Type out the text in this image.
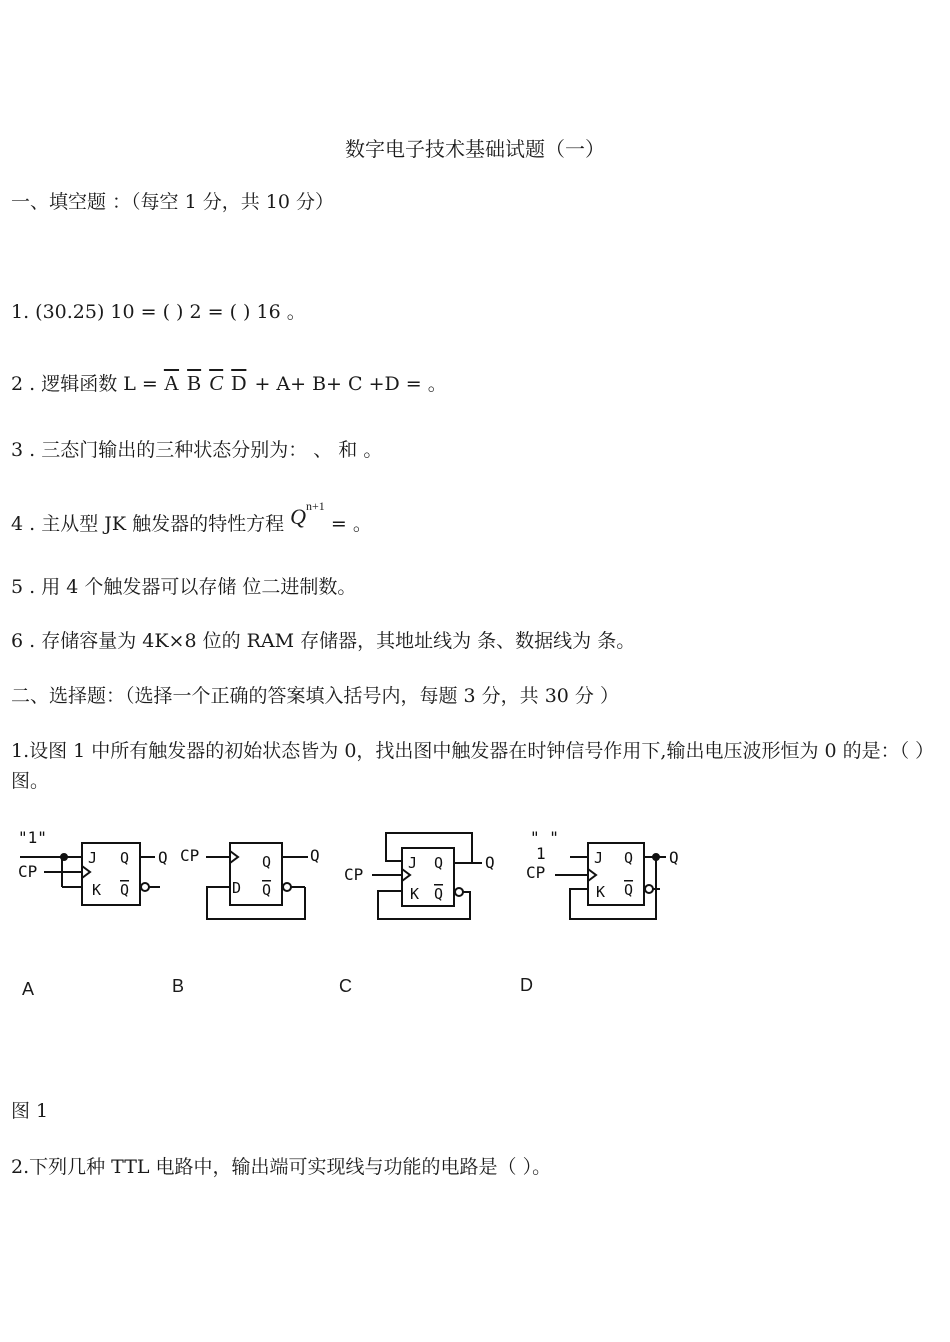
数字电子技术基础试题（一）
一、填空题 ：（每空 1 分，共 10 分）
1. (30.25) 10 = ( ) 2 = ( ) 16 。
2 . 逻辑函数 $L = \overline{A}$ $\overline{B}$ $\overline{C}$ $\overline{D} + A+ B+ C +D$ = 。
3 . 三态门输出的三种状态分别为： 、 和 。
4 . 主从型 JK 触发器的特性方程 $Q^{n+1}$ = 。
5 . 用 4 个触发器可以存储 位二进制数。
6 . 存储容量为 4K×8 位的 RAM 存储器，其地址线为 条、数据线为 条。
二、选择题：（选择一个正确的答案填入括号内，每题 3 分，共 30 分 ）
1.设图 1 中所有触发器的初始状态皆为 0，找出图中触发器在时钟信号作用下,输出电压波形恒为 0 的是：（ ）图。
"1"
CP
J
K
Q
Q
Q CP
D
Q
Q
Q
CP
J
K
Q
Q
Q
" "
1
CP
J
K
Q
Q
Q
A	B	C	D
图 1
2.下列几种 TTL 电路中，输出端可实现线与功能的电路是（ ）。
